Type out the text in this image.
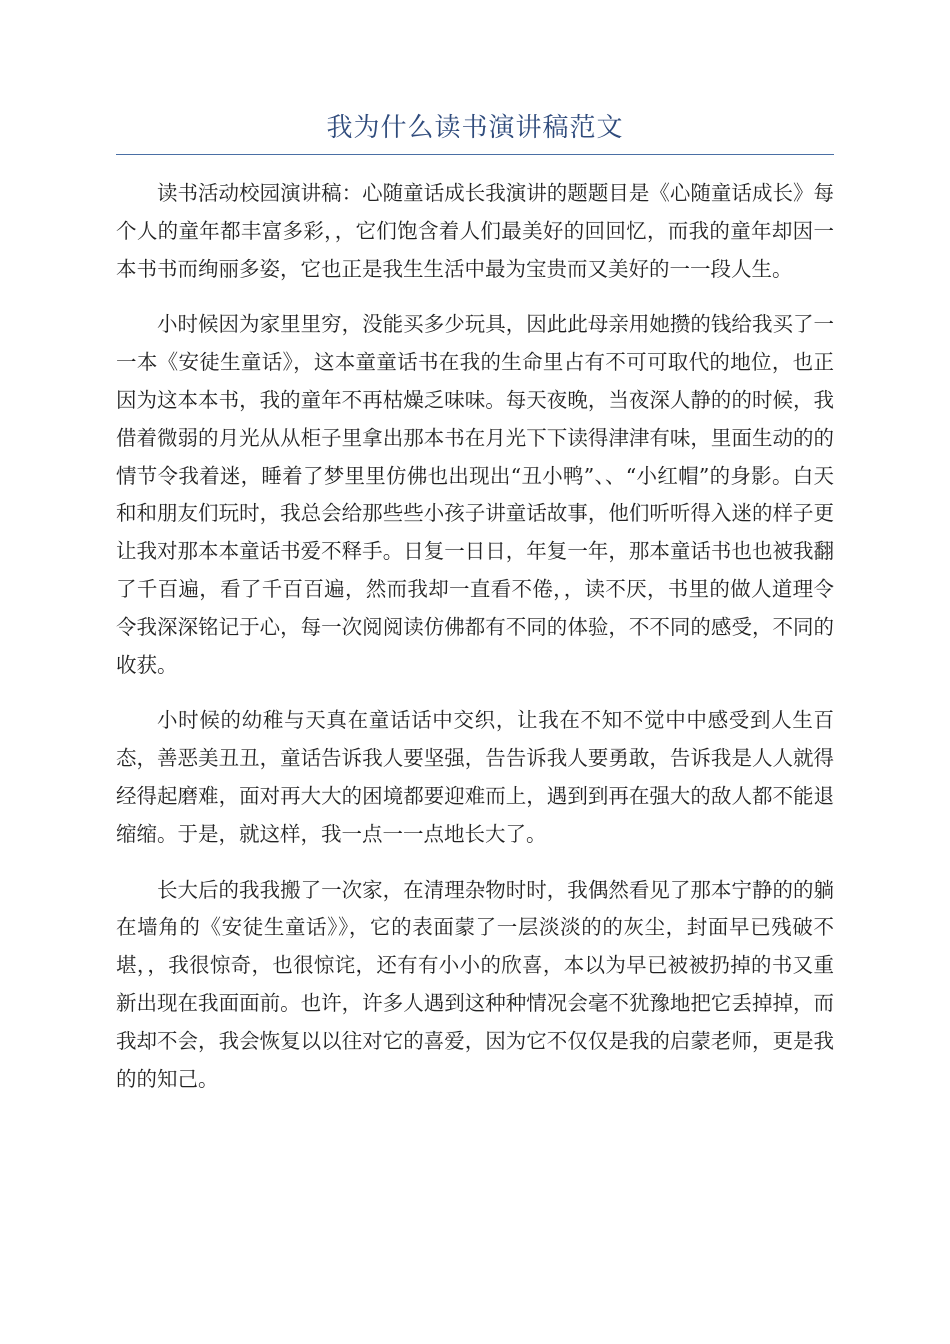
我为什么读书演讲稿范文

读书活动校园演讲稿：心随童话成长我演讲的题题目是《心随童话成长》每个人的童年都丰富多彩，，它们饱含着人们最美好的回回忆，而我的童年却因一本书书而绚丽多姿，它也正是我生生活中最为宝贵而又美好的一一段人生。

小时候因为家里里穷，没能买多少玩具，因此此母亲用她攒的钱给我买了一一本《安徒生童话》，这本童童话书在我的生命里占有不可可取代的地位，也正因为这本本书，我的童年不再枯燥乏味味。每天夜晚，当夜深人静的的时候，我借着微弱的月光从从柜子里拿出那本书在月光下下读得津津有味，里面生动的的情节令我着迷，睡着了梦里里仿佛也出现出“丑小鸭”、、“小红帽”的身影。白天和和朋友们玩时，我总会给那些些小孩子讲童话故事，他们听听得入迷的样子更让我对那本本童话书爱不释手。日复一日日，年复一年，那本童话书也也被我翻了千百遍，看了千百百遍，然而我却一直看不倦，，读不厌，书里的做人道理令令我深深铭记于心，每一次阅阅读仿佛都有不同的体验，不不同的感受，不同的收获。

小时候的幼稚与天真在童话话中交织，让我在不知不觉中中感受到人生百态，善恶美丑丑，童话告诉我人要坚强，告告诉我人要勇敢，告诉我是人人就得经得起磨难，面对再大大的困境都要迎难而上，遇到到再在强大的敌人都不能退缩缩。于是，就这样，我一点一一点地长大了。

长大后的我我搬了一次家，在清理杂物时时，我偶然看见了那本宁静的的躺在墙角的《安徒生童话》》，它的表面蒙了一层淡淡的的灰尘，封面早已残破不堪，，我很惊奇，也很惊诧，还有有小小的欣喜，本以为早已被被扔掉的书又重新出现在我面面前。也许，许多人遇到这种种情况会毫不犹豫地把它丢掉掉，而我却不会，我会恢复以以往对它的喜爱，因为它不仅仅是我的启蒙老师，更是我的的知己。
